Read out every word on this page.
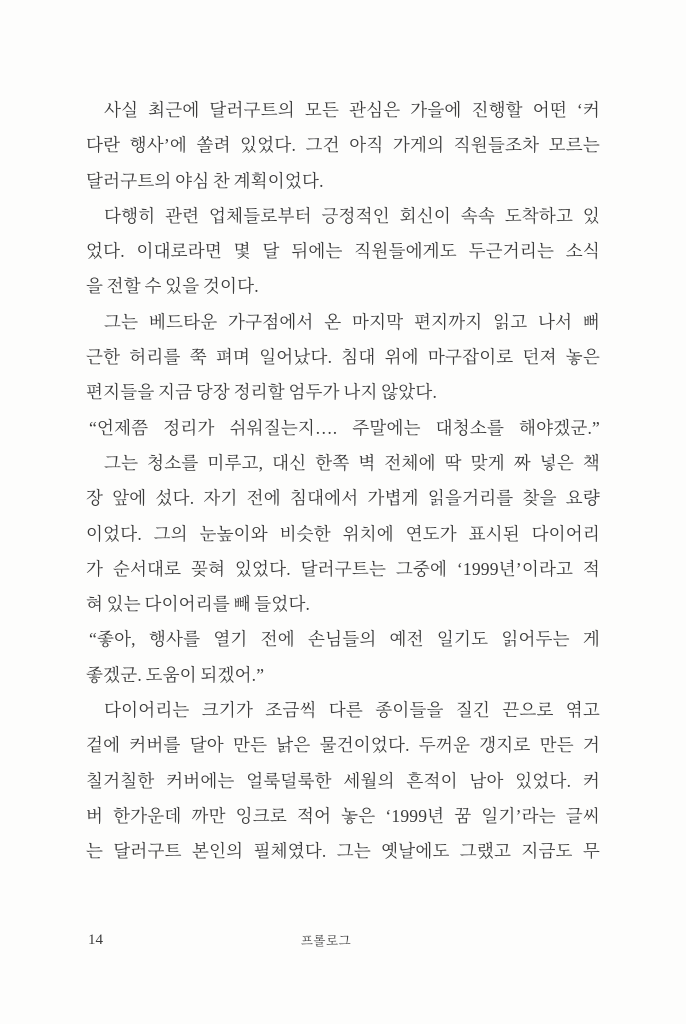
사실 최근에 달러구트의 모든 관심은 가을에 진행할 어떤 ‘커
다란 행사’에 쏠려 있었다. 그건 아직 가게의 직원들조차 모르는
달러구트의 야심 찬 계획이었다.
다행히 관련 업체들로부터 긍정적인 회신이 속속 도착하고 있
었다. 이대로라면 몇 달 뒤에는 직원들에게도 두근거리는 소식
을 전할 수 있을 것이다.
그는 베드타운 가구점에서 온 마지막 편지까지 읽고 나서 뻐
근한 허리를 쭉 펴며 일어났다. 침대 위에 마구잡이로 던져 놓은
편지들을 지금 당장 정리할 엄두가 나지 않았다.
“언제쯤 정리가 쉬워질는지…. 주말에는 대청소를 해야겠군.”
그는 청소를 미루고, 대신 한쪽 벽 전체에 딱 맞게 짜 넣은 책
장 앞에 섰다. 자기 전에 침대에서 가볍게 읽을거리를 찾을 요량
이었다. 그의 눈높이와 비슷한 위치에 연도가 표시된 다이어리
가 순서대로 꽂혀 있었다. 달러구트는 그중에 ‘1999년’이라고 적
혀 있는 다이어리를 빼 들었다.
“좋아, 행사를 열기 전에 손님들의 예전 일기도 읽어두는 게
좋겠군. 도움이 되겠어.”
다이어리는 크기가 조금씩 다른 종이들을 질긴 끈으로 엮고
겉에 커버를 달아 만든 낡은 물건이었다. 두꺼운 갱지로 만든 거
칠거칠한 커버에는 얼룩덜룩한 세월의 흔적이 남아 있었다. 커
버 한가운데 까만 잉크로 적어 놓은 ‘1999년 꿈 일기’라는 글씨
는 달러구트 본인의 필체였다. 그는 옛날에도 그랬고 지금도 무
14	프롤로그
